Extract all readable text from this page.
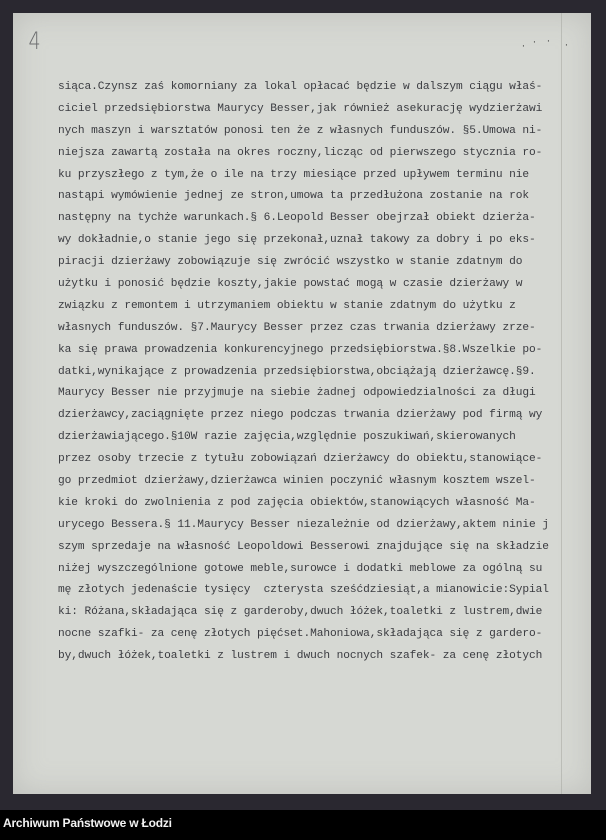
4	· · ·
·
siąca.Czynsz zaś komorniany za lokal opłacać będzie w dalszym ciągu właś-
ciciel przedsiębiorstwa Maurycy Besser,jak również asekurację wydzierżawi
nych maszyn i warsztatów ponosi ten że z własnych funduszów. §5.Umowa ni-
niejsza zawartą została na okres roczny,licząc od pierwszego stycznia ro-
ku przyszłego z tym,że o ile na trzy miesiące przed upływem terminu nie
nastąpi wymówienie jednej ze stron,umowa ta przedłużona zostanie na rok
następny na tychże warunkach.§ 6.Leopold Besser obejrzał obiekt dzierża-
wy dokładnie,o stanie jego się przekonał,uznał takowy za dobry i po eks-
piracji dzierżawy zobowiązuje się zwrócić wszystko w stanie zdatnym do
użytku i ponosić będzie koszty,jakie powstać mogą w czasie dzierżawy w
związku z remontem i utrzymaniem obiektu w stanie zdatnym do użytku z
własnych funduszów. §7.Maurycy Besser przez czas trwania dzierżawy zrze-
ka się prawa prowadzenia konkurencyjnego przedsiębiorstwa.§8.Wszelkie po-
datki,wynikające z prowadzenia przedsiębiorstwa,obciążają dzierżawcę.§9.
Maurycy Besser nie przyjmuje na siebie żadnej odpowiedzialności za długi
dzierżawcy,zaciągnięte przez niego podczas trwania dzierżawy pod firmą wy
dzierżawiającego.§10W razie zajęcia,względnie poszukiwań,skierowanych
przez osoby trzecie z tytułu zobowiązań dzierżawcy do obiektu,stanowiące-
go przedmiot dzierżawy,dzierżawca winien poczynić własnym kosztem wszel-
kie kroki do zwolnienia z pod zajęcia obiektów,stanowiących własność Ma-
urycego Bessera.§ 11.Maurycy Besser niezależnie od dzierżawy,aktem ninie j
szym sprzedaje na własność Leopoldowi Besserowi znajdujące się na składzie
niżej wyszczególnione gotowe meble,surowce i dodatki meblowe za ogólną su
mę złotych jedenaście tysięcy  czterysta sześćdziesiąt,a mianowicie:Sypial
ki: Różana,składająca się z garderoby,dwuch łóżek,toaletki z lustrem,dwie
nocne szafki- za cenę złotych pięćset.Mahoniowa,składająca się z gardero-
by,dwuch łóżek,toaletki z lustrem i dwuch nocnych szafek- za cenę złotych
Archiwum Państwowe w Łodzi
